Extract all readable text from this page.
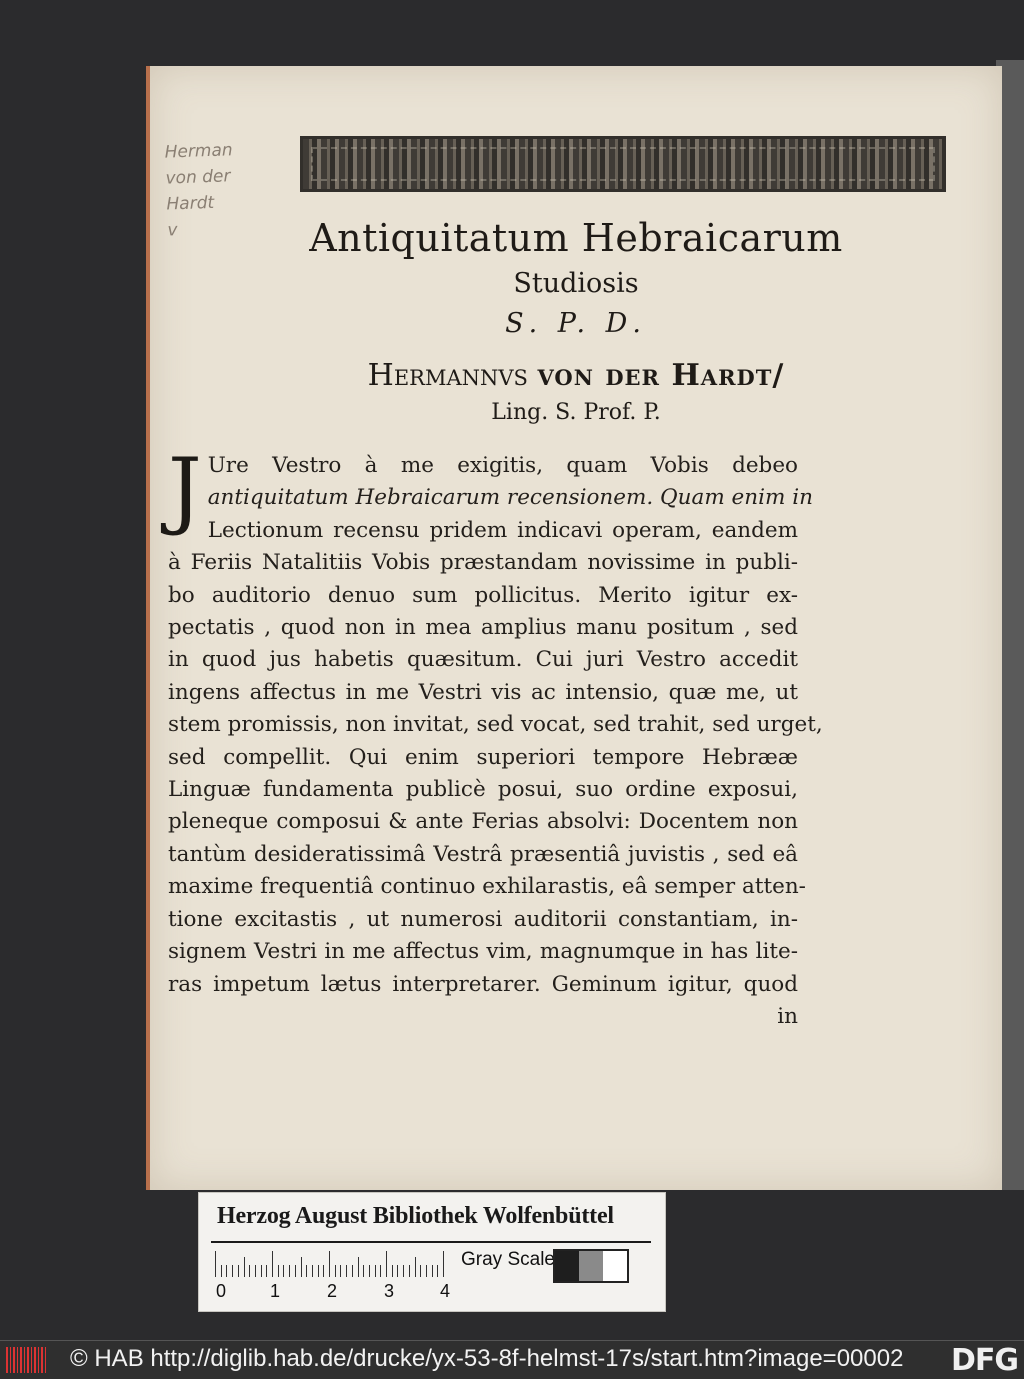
Herman
von der
Hardt
v	Antiquitatum Hebraicarum
Studiosis
S. P. D.
Hermannvs von der Hardt/
Ling. S. Prof. P.
J Ure Vestro à me exigitis, quam Vobis debeo
antiquitatum Hebraicarum recensionem. Quam enim in
Lectionum recensu pridem indicavi operam, eandem
à Feriis Natalitiis Vobis præstandam novissime in publi-
bo auditorio denuo sum pollicitus. Merito igitur ex-
pectatis , quod non in mea amplius manu positum , sed
in quod jus habetis quæsitum. Cui juri Vestro accedit
ingens affectus in me Vestri vis ac intensio, quæ me, ut
stem promissis, non invitat, sed vocat, sed trahit, sed urget,
sed compellit. Qui enim superiori tempore Hebrææ
Linguæ fundamenta publicè posui, suo ordine exposui,
pleneque composui & ante Ferias absolvi: Docentem non
tantùm desideratissimâ Vestrâ præsentiâ juvistis , sed eâ
maxime frequentiâ continuo exhilarastis, eâ semper atten-
tione excitastis , ut numerosi auditorii constantiam, in-
signem Vestri in me affectus vim, magnumque in has lite-
ras impetum lætus interpretarer. Geminum igitur, quod
in
Herzog August Bibliothek Wolfenbüttel
0 1	2	3	4
Gray Scale
© HAB http://diglib.hab.de/drucke/yx-53-8f-helmst-17s/start.htm?image=00002 DFG
